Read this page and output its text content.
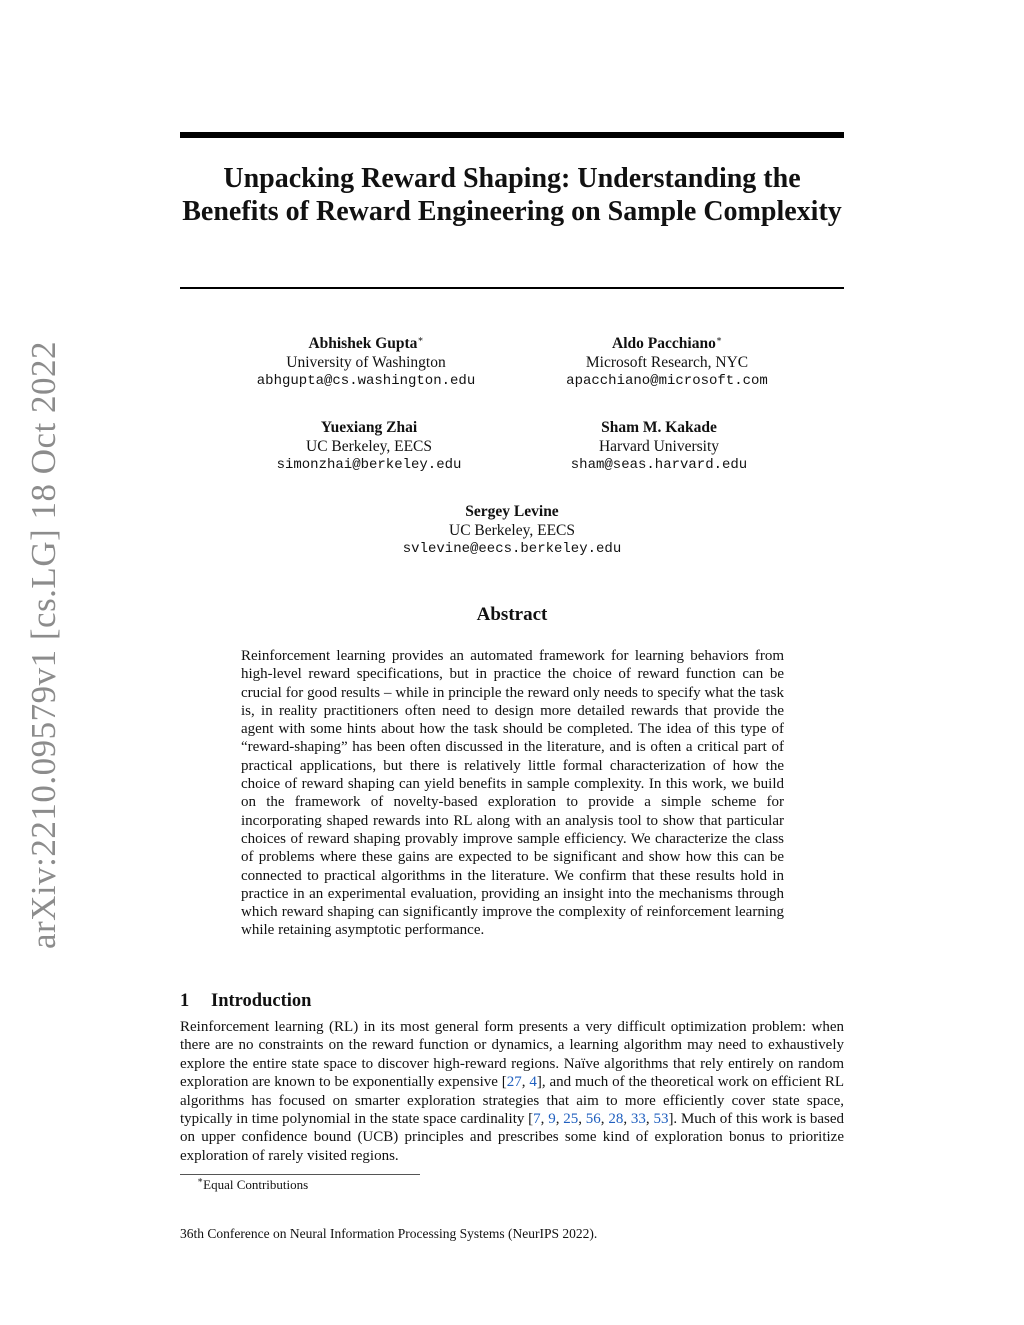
arXiv:2210.09579v1 [cs.LG] 18 Oct 2022
Unpacking Reward Shaping: Understanding the Benefits of Reward Engineering on Sample Complexity
Abhishek Gupta∗
University of Washington
abhgupta@cs.washington.edu
Aldo Pacchiano∗
Microsoft Research, NYC
apacchiano@microsoft.com
Yuexiang Zhai
UC Berkeley, EECS
simonzhai@berkeley.edu
Sham M. Kakade
Harvard University
sham@seas.harvard.edu
Sergey Levine
UC Berkeley, EECS
svlevine@eecs.berkeley.edu
Abstract
Reinforcement learning provides an automated framework for learning behaviors from high-level reward specifications, but in practice the choice of reward function can be crucial for good results – while in principle the reward only needs to specify what the task is, in reality practitioners often need to design more detailed rewards that provide the agent with some hints about how the task should be completed. The idea of this type of “reward-shaping” has been often discussed in the literature, and is often a critical part of practical applications, but there is relatively little formal characterization of how the choice of reward shaping can yield benefits in sample complexity. In this work, we build on the framework of novelty-based exploration to provide a simple scheme for incorporating shaped rewards into RL along with an analysis tool to show that particular choices of reward shaping provably improve sample efficiency. We characterize the class of problems where these gains are expected to be significant and show how this can be connected to practical algorithms in the literature. We confirm that these results hold in practice in an experimental evaluation, providing an insight into the mechanisms through which reward shaping can significantly improve the complexity of reinforcement learning while retaining asymptotic performance.
1 Introduction
Reinforcement learning (RL) in its most general form presents a very difficult optimization problem: when there are no constraints on the reward function or dynamics, a learning algorithm may need to exhaustively explore the entire state space to discover high-reward regions. Naïve algorithms that rely entirely on random exploration are known to be exponentially expensive [27, 4], and much of the theoretical work on efficient RL algorithms has focused on smarter exploration strategies that aim to more efficiently cover state space, typically in time polynomial in the state space cardinality [7, 9, 25, 56, 28, 33, 53]. Much of this work is based on upper confidence bound (UCB) principles and prescribes some kind of exploration bonus to prioritize exploration of rarely visited regions.
∗Equal Contributions
36th Conference on Neural Information Processing Systems (NeurIPS 2022).
